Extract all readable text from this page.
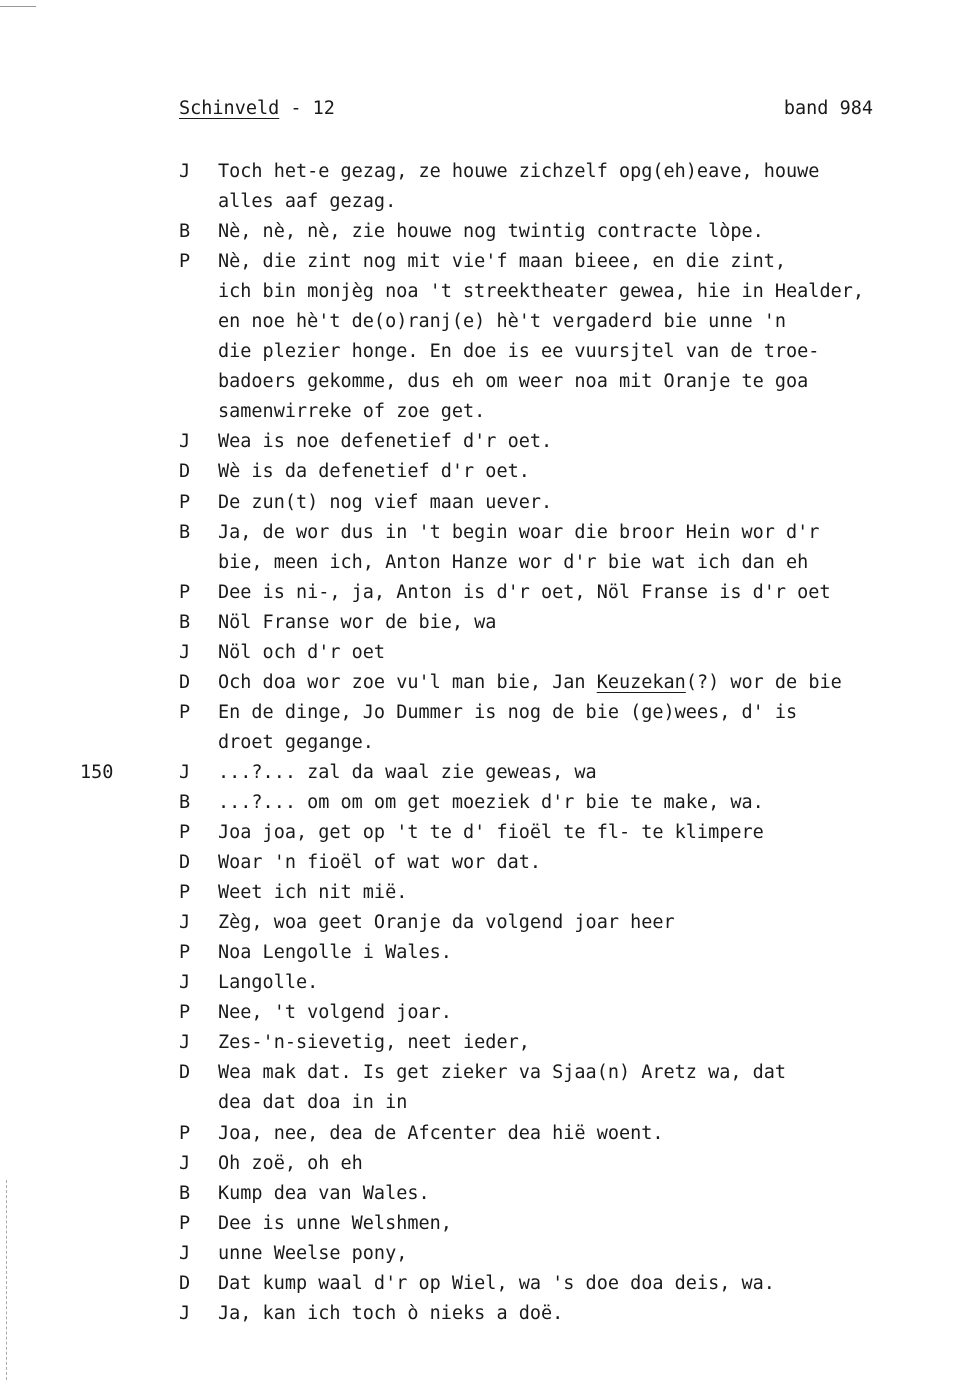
Schinveld - 12	band 984
J Toch het-e gezag, ze houwe zichzelf opg(eh)eave, houwe
alles aaf gezag.
B Nè, nè, nè, zie houwe nog twintig contracte lòpe.
P Nè, die zint nog mit vie'f maan bieee, en die zint,
ich bin monjèg noa 't streektheater gewea, hie in Healder,
en noe hè't de(o)ranj(e) hè't vergaderd bie unne 'n
die plezier honge. En doe is ee vuursjtel van de troe-
badoers gekomme, dus eh om weer noa mit Oranje te goa
samenwirreke of zoe get.
J Wea is noe defenetief d'r oet.
D Wè is da defenetief d'r oet.
P De zun(t) nog vief maan uever.
B Ja, de wor dus in 't begin woar die broor Hein wor d'r
bie, meen ich, Anton Hanze wor d'r bie wat ich dan eh
P Dee is ni-, ja, Anton is d'r oet, Nöl Franse is d'r oet
B Nöl Franse wor de bie, wa
J Nöl och d'r oet
D Och doa wor zoe vu'l man bie, Jan Keuzekan(?) wor de bie
P En de dinge, Jo Dummer is nog de bie (ge)wees, d' is
droet gegange.
150	J ...?... zal da waal zie geweas, wa
B ...?... om om om get moeziek d'r bie te make, wa.
P Joa joa, get op 't te d' fioël te fl- te klimpere
D Woar 'n fioël of wat wor dat.
P Weet ich nit mië.
J Zèg, woa geet Oranje da volgend joar heer
P Noa Lengolle i Wales.
J Langolle.
P Nee, 't volgend joar.
J Zes-'n-sievetig, neet ieder,
D Wea mak dat. Is get zieker va Sjaa(n) Aretz wa, dat
dea dat doa in in
P Joa, nee, dea de Afcenter dea hië woent.
J Oh zoë, oh eh
B Kump dea van Wales.
P Dee is unne Welshmen,
J unne Weelse pony,
D Dat kump waal d'r op Wiel, wa 's doe doa deis, wa.
J Ja, kan ich toch ò nieks a doë.
